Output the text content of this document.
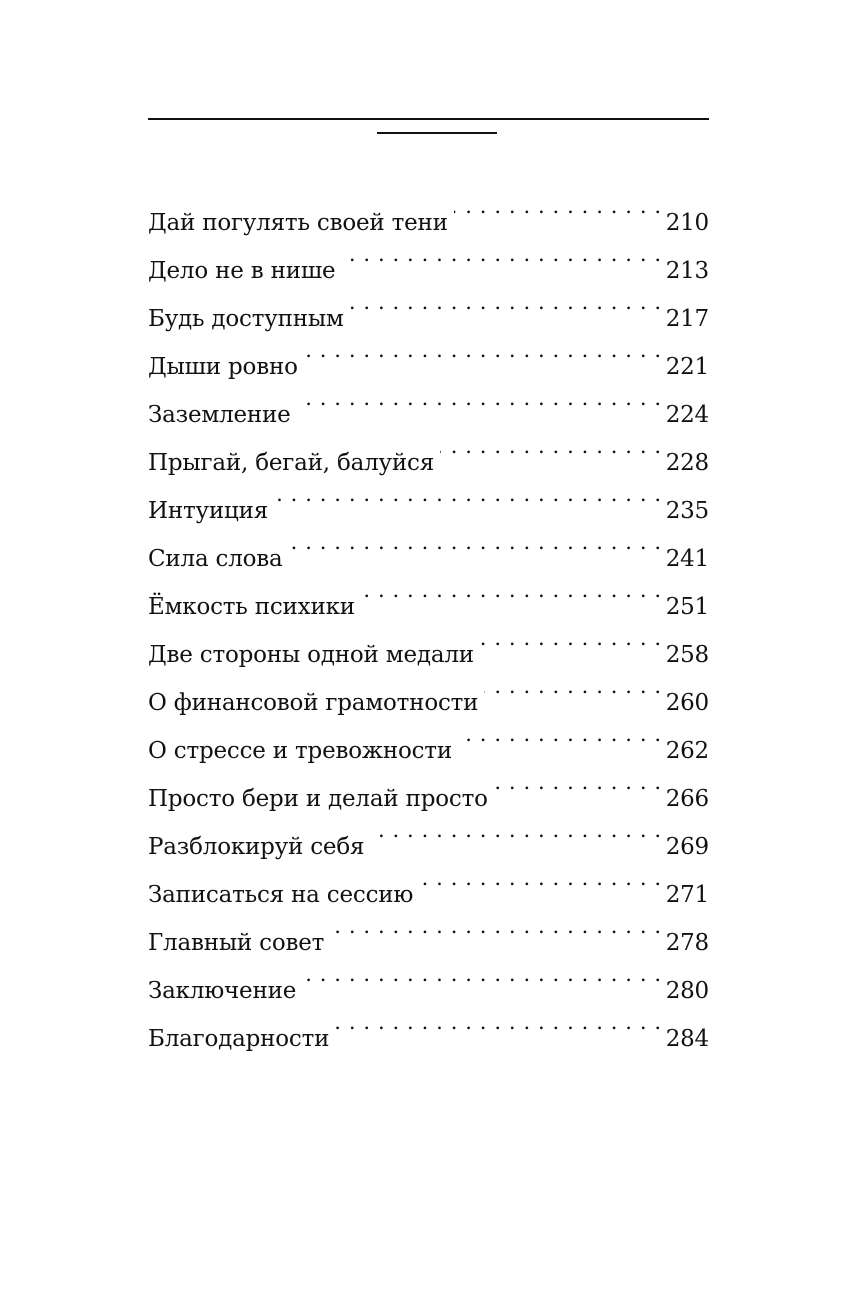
Дай погулять своей тени . . .	210
Дело не в нише . . .	213
Будь доступным . . .	217
Дыши ровно . . .	221
Заземление . . .	224
Прыгай, бегай, балуйся . . .	228
Интуиция . . .	235
Сила слова . . .	241
Ёмкость психики . . .	251
Две стороны одной медали . . .	258
О финансовой грамотности . . .	260
О стрессе и тревожности . . .	262
Просто бери и делай просто . . .	266
Разблокируй себя . . .	269
Записаться на сессию . . .	271
Главный совет . . .	278
Заключение . . .	280
Благодарности . . .	284
